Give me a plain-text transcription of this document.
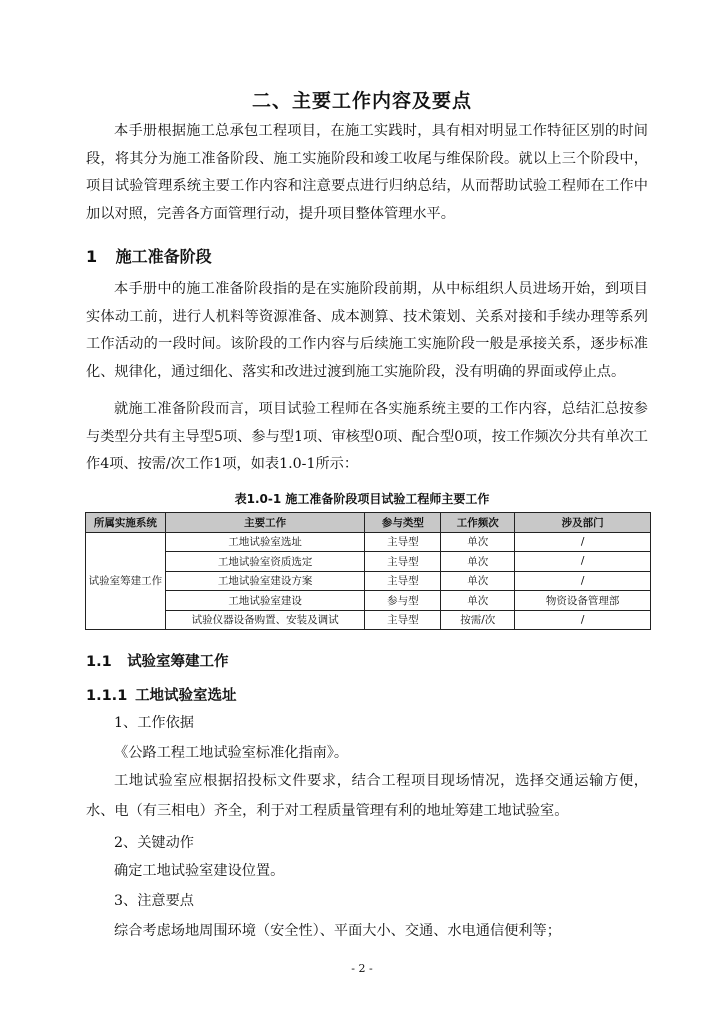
二、主要工作内容及要点

本手册根据施工总承包工程项目，在施工实践时，具有相对明显工作特征区别的时间段，将其分为施工准备阶段、施工实施阶段和竣工收尾与维保阶段。就以上三个阶段中，项目试验管理系统主要工作内容和注意要点进行归纳总结，从而帮助试验工程师在工作中加以对照，完善各方面管理行动，提升项目整体管理水平。

1 施工准备阶段

本手册中的施工准备阶段指的是在实施阶段前期，从中标组织人员进场开始，到项目实体动工前，进行人机料等资源准备、成本测算、技术策划、关系对接和手续办理等系列工作活动的一段时间。该阶段的工作内容与后续施工实施阶段一般是承接关系，逐步标准化、规律化，通过细化、落实和改进过渡到施工实施阶段，没有明确的界面或停止点。

就施工准备阶段而言，项目试验工程师在各实施系统主要的工作内容，总结汇总按参与类型分共有主导型5项、参与型1项、审核型0项、配合型0项，按工作频次分共有单次工作4项、按需/次工作1项，如表1.0-1所示：

表1.0-1 施工准备阶段项目试验工程师主要工作
所属实施系统	主要工作	参与类型	工作频次	涉及部门
试验室筹建工作	工地试验室选址	主导型	单次	/
	工地试验室资质选定	主导型	单次	/
	工地试验室建设方案	主导型	单次	/
	工地试验室建设	参与型	单次	物资设备管理部
	试验仪器设备购置、安装及调试	主导型	按需/次	/
1.1 试验室筹建工作
1.1.1 工地试验室选址
1、工作依据
《公路工程工地试验室标准化指南》。

工地试验室应根据招投标文件要求，结合工程项目现场情况，选择交通运输方便，水、电（有三相电）齐全，利于对工程质量管理有利的地址筹建工地试验室。

2、关键动作
确定工地试验室建设位置。
3、注意要点
综合考虑场地周围环境（安全性）、平面大小、交通、水电通信便利等；
- 2 -
